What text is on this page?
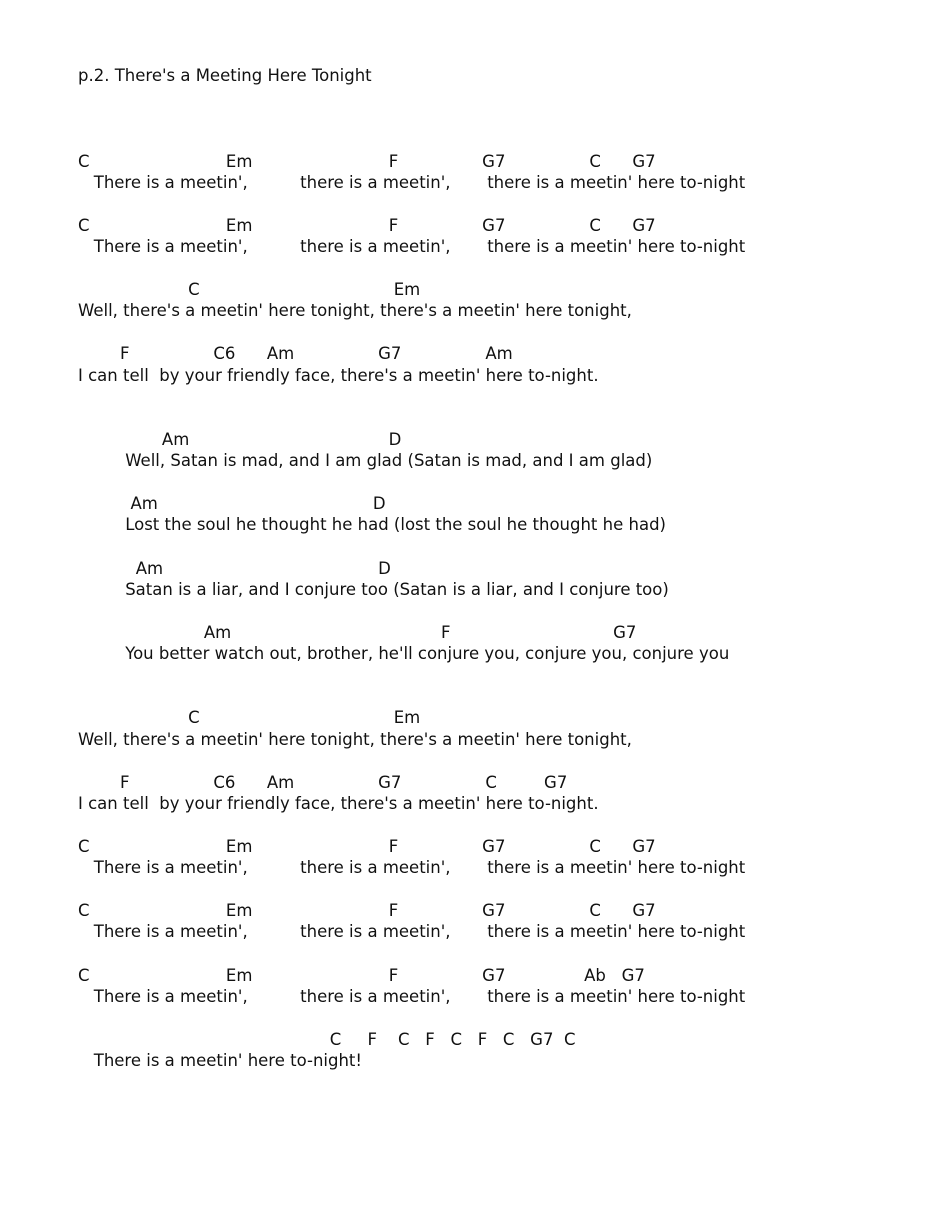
p.2. There's a Meeting Here Tonight
C                          Em                          F                G7                C      G7
There is a meetin',          there is a meetin',       there is a meetin' here to-night
C                          Em                          F                G7                C      G7
There is a meetin',          there is a meetin',       there is a meetin' here to-night
C                                     Em
Well, there's a meetin' here tonight, there's a meetin' here tonight,
F                C6      Am                G7                Am
I can tell  by your friendly face, there's a meetin' here to-night.
Am                                      D
Well, Satan is mad, and I am glad (Satan is mad, and I am glad)
Am                                         D
Lost the soul he thought he had (lost the soul he thought he had)
Am                                         D
Satan is a liar, and I conjure too (Satan is a liar, and I conjure too)
Am                                        F                               G7
You better watch out, brother, he'll conjure you, conjure you, conjure you
C                                     Em
Well, there's a meetin' here tonight, there's a meetin' here tonight,
F                C6      Am                G7                C         G7
I can tell  by your friendly face, there's a meetin' here to-night.
C                          Em                          F                G7                C      G7
There is a meetin',          there is a meetin',       there is a meetin' here to-night
C                          Em                          F                G7                C      G7
There is a meetin',          there is a meetin',       there is a meetin' here to-night
C                          Em                          F                G7               Ab   G7
There is a meetin',          there is a meetin',       there is a meetin' here to-night
C     F    C   F   C   F   C   G7  C
There is a meetin' here to-night!
